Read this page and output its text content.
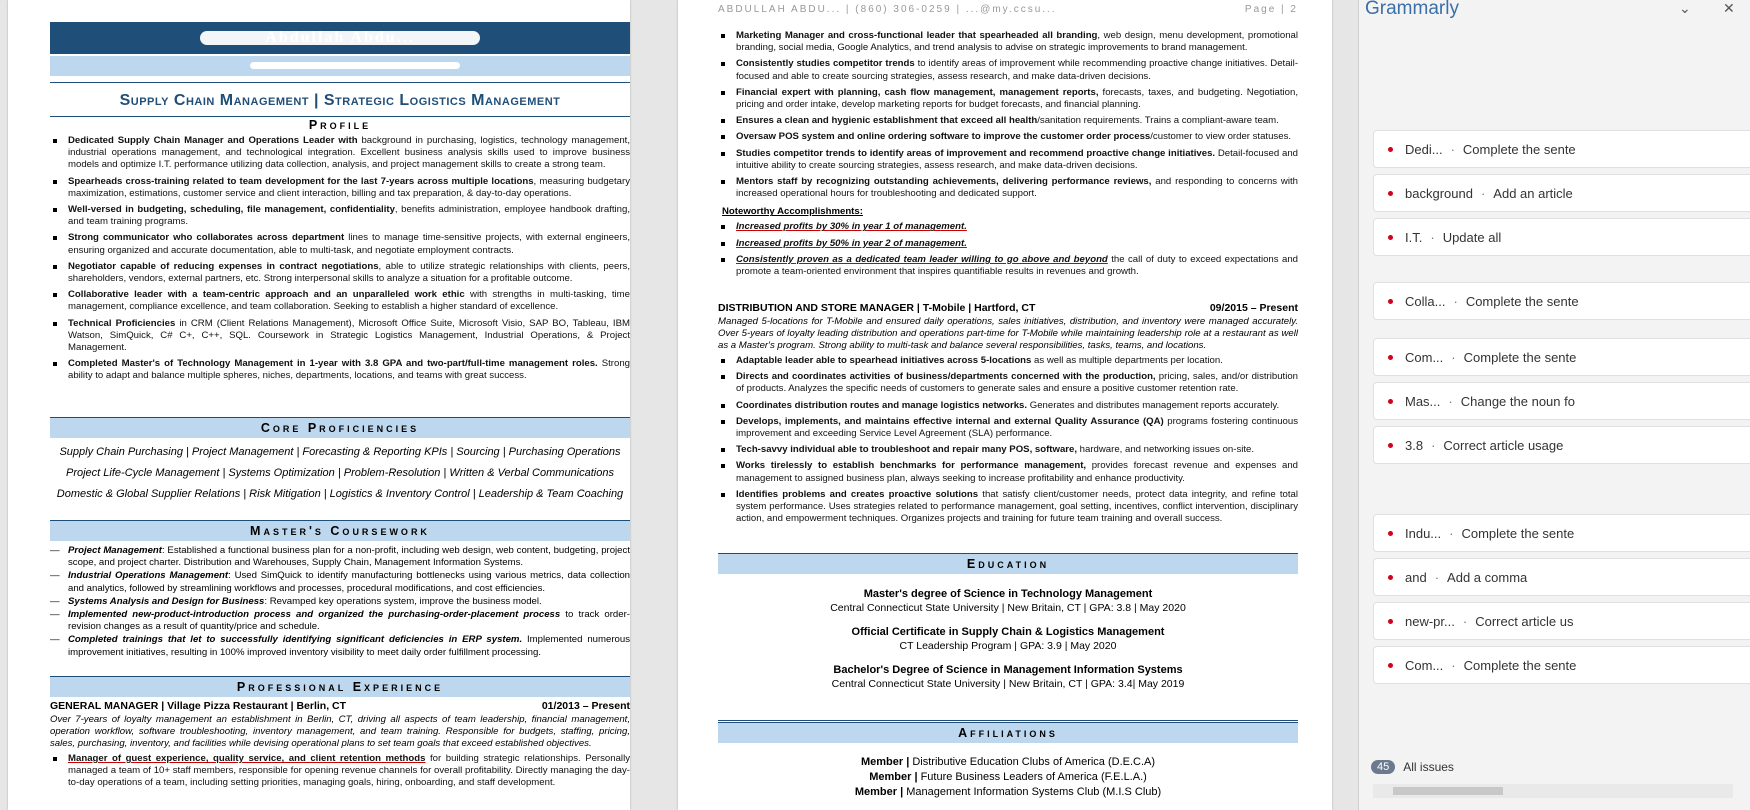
Supply Chain Management | Strategic Logistics Management
Profile
Dedicated Supply Chain Manager and Operations Leader with background in purchasing, logistics, technology management, industrial operations management, and technological integration. Excellent business analysis skills used to improve business models and optimize I.T. performance utilizing data collection, analysis, and project management skills to create a strong team.
Spearheads cross-training related to team development for the last 7-years across multiple locations, measuring budgetary maximization, estimations, customer service and client interaction, billing and tax preparation, & day-to-day operations.
Well-versed in budgeting, scheduling, file management, confidentiality, benefits administration, employee handbook drafting, and team training programs.
Strong communicator who collaborates across department lines to manage time-sensitive projects, with external engineers, ensuring organized and accurate documentation, able to multi-task, and negotiate employment contracts.
Negotiator capable of reducing expenses in contract negotiations, able to utilize strategic relationships with clients, peers, shareholders, vendors, external partners, etc. Strong interpersonal skills to analyze a situation for a profitable outcome.
Collaborative leader with a team-centric approach and an unparalleled work ethic with strengths in multi-tasking, time management, compliance excellence, and team collaboration. Seeking to establish a higher standard of excellence.
Technical Proficiencies in CRM (Client Relations Management), Microsoft Office Suite, Microsoft Visio, SAP BO, Tableau, IBM Watson, SimQuick, C# C+, C++, SQL. Coursework in Strategic Logistics Management, Industrial Operations, & Project Management.
Completed Master's of Technology Management in 1-year with 3.8 GPA and two-part/full-time management roles. Strong ability to adapt and balance multiple spheres, niches, departments, locations, and teams with great success.
Core Proficiencies
Supply Chain Purchasing | Project Management | Forecasting & Reporting KPIs | Sourcing | Purchasing Operations
Project Life-Cycle Management | Systems Optimization | Problem-Resolution | Written & Verbal Communications
Domestic & Global Supplier Relations | Risk Mitigation | Logistics & Inventory Control | Leadership & Team Coaching
Master's Coursework
— Project Management: Established a functional business plan for a non-profit, including web design, web content, budgeting, project scope, and project charter. Distribution and Warehouses, Supply Chain, Management Information Systems.
— Industrial Operations Management: Used SimQuick to identify manufacturing bottlenecks using various metrics, data collection and analytics, followed by streamlining workflows and processes, procedural modifications, and cost efficiencies.
— Systems Analysis and Design for Business: Revamped key operations system, improve the business model.
— Implemented new-product-introduction process and organized the purchasing-order-placement process to track order-revision changes as a result of quantity/price and schedule.
— Completed trainings that let to successfully identifying significant deficiencies in ERP system. Implemented numerous improvement initiatives, resulting in 100% improved inventory visibility to meet daily order fulfillment processing.
Professional Experience
GENERAL MANAGER | Village Pizza Restaurant | Berlin, CT	01/2013 – Present
Over 7-years of loyalty management an establishment in Berlin, CT, driving all aspects of team leadership, financial management, operation workflow, software troubleshooting, inventory management, and team training. Responsible for budgets, staffing, pricing, sales, purchasing, inventory, and facilities while devising operational plans to set team goals that exceed established objectives.
Manager of guest experience, quality service, and client retention methods for building strategic relationships. Personally managed a team of 10+ staff members, responsible for opening revenue channels for overall profitability. Directly managing the day-to-day operations of a team, including setting priorities, managing goals, hiring, onboarding, and staff development.
ABDULLAH ABDU... | (860) 306-0259 | ...@my.ccsu...	Page | 2
Marketing Manager and cross-functional leader that spearheaded all branding, web design, menu development, promotional branding, social media, Google Analytics, and trend analysis to advise on strategic improvements to brand management.
Consistently studies competitor trends to identify areas of improvement while recommending proactive change initiatives. Detail-focused and able to create sourcing strategies, assess research, and make data-driven decisions.
Financial expert with planning, cash flow management, management reports, forecasts, taxes, and budgeting. Negotiation, pricing and order intake, develop marketing reports for budget forecasts, and financial planning.
Ensures a clean and hygienic establishment that exceed all health/sanitation requirements. Trains a compliant-aware team.
Oversaw POS system and online ordering software to improve the customer order process/customer to view order statuses.
Studies competitor trends to identify areas of improvement and recommend proactive change initiatives. Detail-focused and intuitive ability to create sourcing strategies, assess research, and make data-driven decisions.
Mentors staff by recognizing outstanding achievements, delivering performance reviews, and responding to concerns with increased operational hours for troubleshooting and dedicated support.
Noteworthy Accomplishments:
Increased profits by 30% in year 1 of management.
Increased profits by 50% in year 2 of management.
Consistently proven as a dedicated team leader willing to go above and beyond the call of duty to exceed expectations and promote a team-oriented environment that inspires quantifiable results in revenues and growth.
DISTRIBUTION AND STORE MANAGER | T-Mobile | Hartford, CT	09/2015 – Present
Managed 5-locations for T-Mobile and ensured daily operations, sales initiatives, distribution, and inventory were managed accurately. Over 5-years of loyalty leading distribution and operations part-time for T-Mobile while maintaining leadership role at a restaurant as well as a Master's program. Strong ability to multi-task and balance several responsibilities, tasks, teams, and locations.
Adaptable leader able to spearhead initiatives across 5-locations as well as multiple departments per location.
Directs and coordinates activities of business/departments concerned with the production, pricing, sales, and/or distribution of products. Analyzes the specific needs of customers to generate sales and ensure a positive customer retention rate.
Coordinates distribution routes and manage logistics networks. Generates and distributes management reports accurately.
Develops, implements, and maintains effective internal and external Quality Assurance (QA) programs fostering continuous improvement and exceeding Service Level Agreement (SLA) performance.
Tech-savvy individual able to troubleshoot and repair many POS, software, hardware, and networking issues on-site.
Works tirelessly to establish benchmarks for performance management, provides forecast revenue and expenses and management to assigned business plan, always seeking to increase profitability and enhance productivity.
Identifies problems and creates proactive solutions that satisfy client/customer needs, protect data integrity, and refine total system performance. Uses strategies related to performance management, goal setting, incentives, conflict intervention, disciplinary action, and empowerment techniques. Organizes projects and training for future team training and overall success.
Education
Master's degree of Science in Technology Management
Central Connecticut State University | New Britain, CT | GPA: 3.8 | May 2020
Official Certificate in Supply Chain & Logistics Management
CT Leadership Program | GPA: 3.9 | May 2020
Bachelor's Degree of Science in Management Information Systems
Central Connecticut State University | New Britain, CT | GPA: 3.4| May 2019
Affiliations
Member | Distributive Education Clubs of America (D.E.C.A)
Member | Future Business Leaders of America (F.E.L.A.)
Member | Management Information Systems Club (M.I.S Club)
Grammarly	⌄ ✕
Dedi... · Complete the sente
background · Add an article
I.T. · Update all
Colla... · Complete the sente
Com... · Complete the sente
Mas... · Change the noun fo
3.8 · Correct article usage
Indu... · Complete the sente
and · Add a comma
new-pr... · Correct article us
Com... · Complete the sente
45	All issues
